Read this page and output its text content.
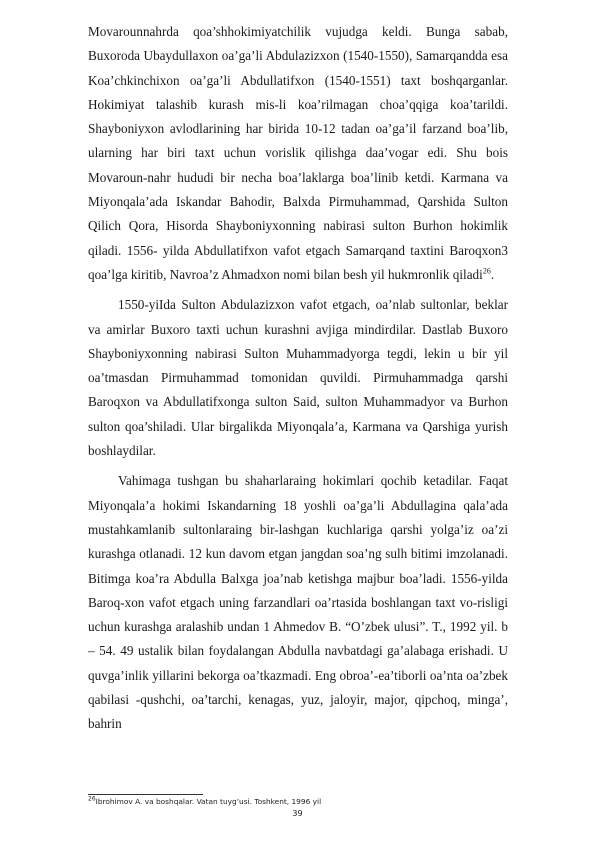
Movarounnahrda qoa’shhokimiyatchilik vujudga keldi. Bunga sabab, Buxoroda Ubaydullaxon oa’ga’li Abdulazizxon (1540-1550), Samarqandda esa Koa’chkinchixon oa’ga’li Abdullatifxon (1540-1551) taxt boshqarganlar. Hokimiyat talashib kurash mis-li koa’rilmagan choa’qqiga koa’tarildi. Shayboniyxon avlodlarining har birida 10-12 tadan oa’ga’il farzand boa’lib, ularning har biri taxt uchun vorislik qilishga daa’vogar edi. Shu bois Movaroun-nahr hududi bir necha boa’laklarga boa’linib ketdi. Karmana va Miyonqala’ada Iskandar Bahodir, Balxda Pirmuhammad, Qarshida Sulton Qilich Qora, Hisorda Shayboniyxonning nabirasi sulton Burhon hokimlik qiladi. 1556- yilda Abdullatifxon vafot etgach Samarqand taxtini Baroqxon3 qoa’lga kiritib, Navroa’z Ahmadxon nomi bilan besh yil hukmronlik qiladi$^{26}$.

1550-yiIda Sulton Abdulazizxon vafot etgach, oa’nlab sultonlar, beklar va amirlar Buxoro taxti uchun kurashni avjiga mindirdilar. Dastlab Buxoro Shayboniyxonning nabirasi Sulton Muhammadyorga tegdi, lekin u bir yil oa’tmasdan Pirmuhammad tomonidan quvildi. Pirmuhammadga qarshi Baroqxon va Abdullatifxonga sulton Said, sulton Muhammadyor va Burhon sulton qoa’shiladi. Ular birgalikda Miyonqala’a, Karmana va Qarshiga yurish boshlaydilar.

Vahimaga tushgan bu shaharlaraing hokimlari qochib ketadilar. Faqat Miyonqala’a hokimi Iskandarning 18 yoshli oa’ga’li Abdullagina qala’ada mustahkamlanib sultonlaraing bir-lashgan kuchlariga qarshi yolga’iz oa’zi kurashga otlanadi. 12 kun davom etgan jangdan soa’ng sulh bitimi imzolanadi. Bitimga koa’ra Abdulla Balxga joa’nab ketishga majbur boa’ladi. 1556-yilda Baroq-xon vafot etgach uning farzandlari oa’rtasida boshlangan taxt vo-risligi uchun kurashga aralashib undan 1 Ahmedov B. “O’zbek ulusi”. T., 1992 yil. b – 54. 49 ustalik bilan foydalangan Abdulla navbatdagi ga’alabaga erishadi. U quvga’inlik yillarini bekorga oa’tkazmadi. Eng obroa’-ea’tiborli oa’nta oa’zbek qabilasi -qushchi, oa’tarchi, kenagas, yuz, jaloyir, major, qipchoq, minga’, bahrin

$^{26}$Ibrohimov A. va boshqalar. Vatan tuyg’usi. Toshkent, 1996 yil
39
